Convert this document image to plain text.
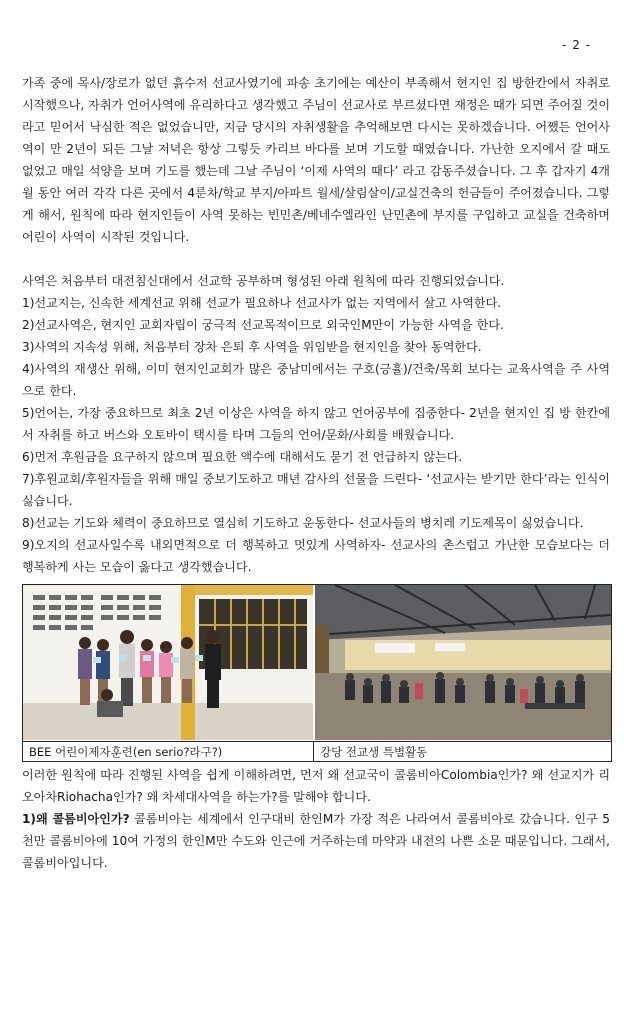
- 2 -

가족 중에 목사/장로가 없던 흙수저 선교사였기에 파송 초기에는 예산이 부족해서 현지인 집 방한칸에서 자취로 시작했으나, 자취가 언어사역에 유리하다고 생각했고 주님이 선교사로 부르셨다면 재정은 때가 되면 주어질 것이라고 믿어서 낙심한 적은 없었습니만, 지금 당시의 자취생활을 추억해보면 다시는 못하겠습니다. 어쨌든 언어사역이 만 2년이 되든 그날 저녁은 항상 그렇듯 카리브 바다를 보며 기도할 때였습니다. 가난한 오지에서 갈 때도 없었고 매일 석양을 보며 기도를 했는데 그날 주님이 ‘이제 사역의 때다’ 라고 감동주셨습니다. 그 후 갑자기 4개월 동안 여러 각각 다른 곳에서 4룬차/학교 부지/아파트 월세/살림살이/교실건축의 헌금들이 주어졌습니다. 그렇게 해서, 원칙에 따라 현지인들이 사역 못하는 빈민촌/베네수엘라인 난민촌에 부지를 구입하고 교실을 건축하며 어린이 사역이 시작된 것입니다.

사역은 처음부터 대전침신대에서 선교학 공부하며 형성된 아래 원칙에 따라 진행되었습니다.

1)선교지는, 신속한 세계선교 위해 선교가 필요하나 선교사가 없는 지역에서 살고 사역한다.

2)선교사역은, 현지인 교회자립이 궁극적 선교목적이므로 외국인M만이 가능한 사역을 한다.

3)사역의 지속성 위해, 처음부터 장차 은퇴 후 사역을 위임받을 현지인을 찾아 동역한다.

4)사역의 재생산 위해, 이미 현지인교회가 많은 중남미에서는 구호(긍휼)/건축/목회 보다는 교육사역을 주 사역으로 한다.

5)언어는, 가장 중요하므로 최초 2년 이상은 사역을 하지 않고 언어공부에 집중한다- 2년을 현지인 집 방 한칸에서 자취를 하고 버스와 오토바이 택시를 타며 그들의 언어/문화/사회를 배웠습니다.

6)먼저 후원금을 요구하지 않으며 필요한 액수에 대해서도 묻기 전 언급하지 않는다.

7)후원교회/후원자들을 위해 매일 중보기도하고 매년 감사의 선물을 드린다- ‘선교사는 받기만 한다’라는 인식이 싫습니다.

8)선교는 기도와 체력이 중요하므로 열심히 기도하고 운동한다- 선교사들의 병치레 기도제목이 싫었습니다.

9)오지의 선교사일수록 내외면적으로 더 행복하고 멋있게 사역하자- 선교사의 촌스럽고 가난한 모습보다는 더 행복하게 사는 모습이 옳다고 생각했습니다.

BEE 어린이제자훈련(en serio?라구?)	강당 전교생 특별활동

이러한 원칙에 따라 진행된 사역을 쉽게 이해하려면, 먼저 왜 선교국이 콜롬비아Colombia인가? 왜 선교지가 리오아차Riohacha인가? 왜 차세대사역을 하는가?를 말해야 합니다.

1)왜 콜롬비아인가? 콜롬비아는 세계에서 인구대비 한인M가 가장 적은 나라여서 콜롬비아로 갔습니다. 인구 5천만 콜롬비아에 10여 가정의 한인M만 수도와 인근에 거주하는데 마약과 내전의 나쁜 소문 때문입니다. 그래서, 콜롬비아입니다.
